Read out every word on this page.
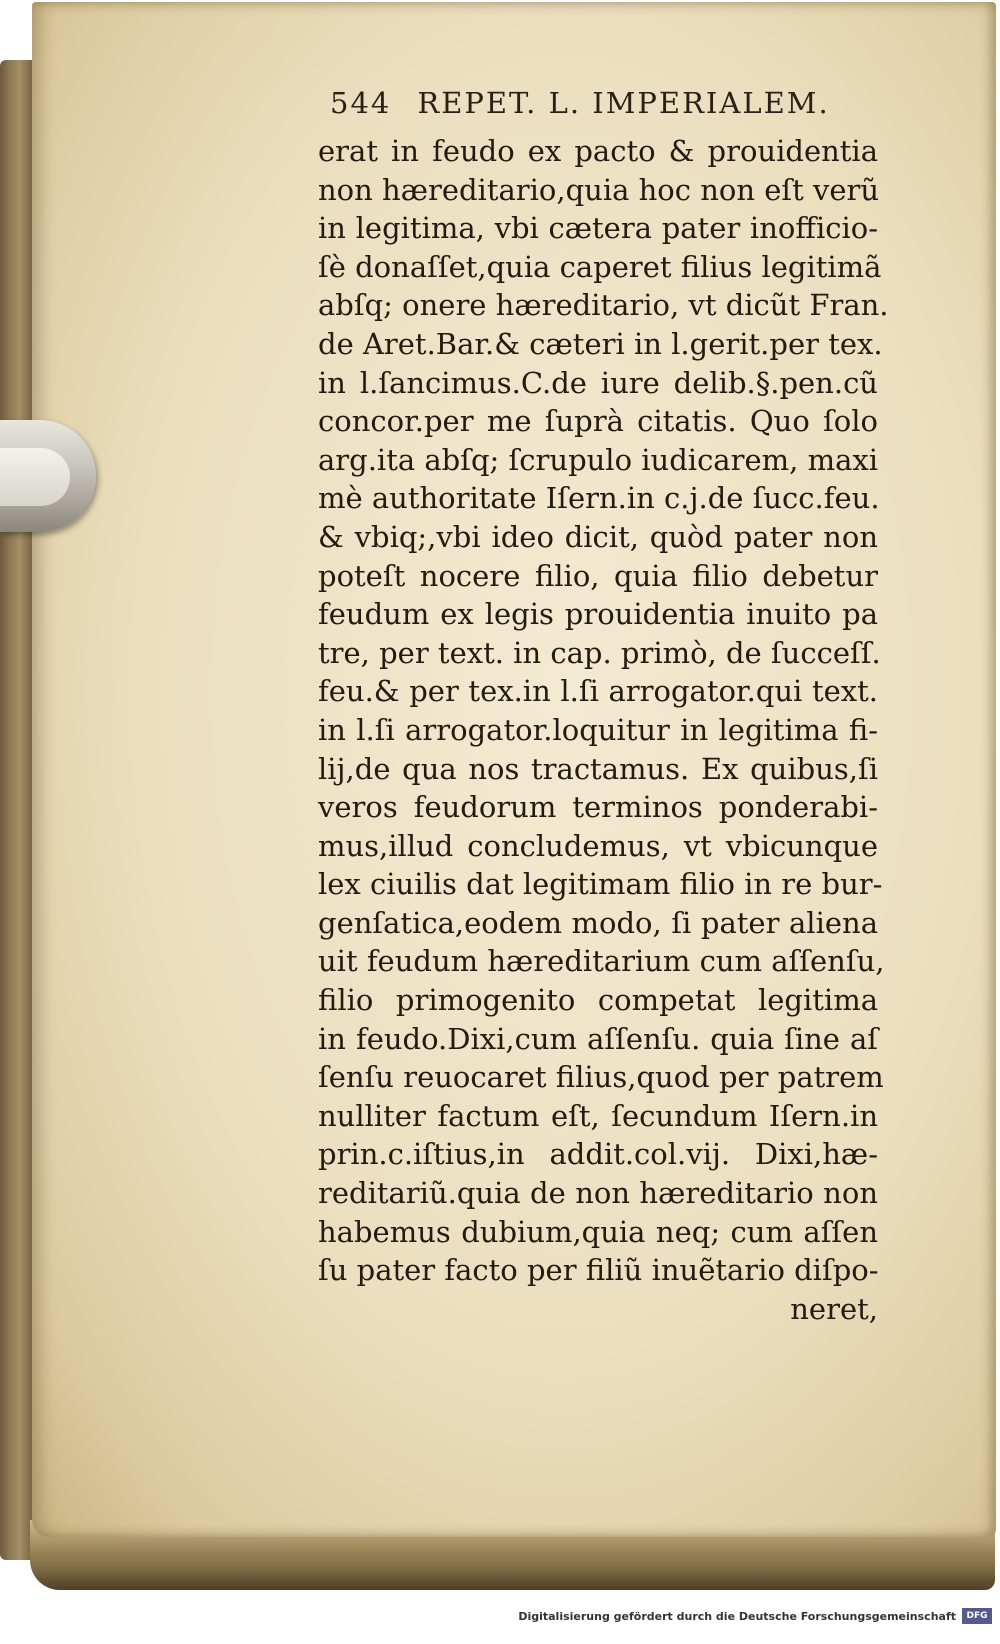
544 REPET. L. IMPERIALEM.
erat in feudo ex pacto & prouidentia
non hæreditario,quia hoc non eſt verũ
in legitima, vbi cætera pater inofficio-
ſè donaſſet,quia caperet filius legitimã
abſq; onere hæreditario, vt dicũt Fran.
de Aret.Bar.& cæteri in l.gerit.per tex.
in l.ſancimus.C.de iure delib.§.pen.cũ
concor.per me ſuprà citatis. Quo ſolo
arg.ita abſq; ſcrupulo iudicarem, maxi
mè authoritate Iſern.in c.j.de ſucc.feu.
& vbiq;,vbi ideo dicit, quòd pater non
poteſt nocere filio, quia filio debetur
feudum ex legis prouidentia inuito pa
tre, per text. in cap. primò, de ſucceſſ.
feu.& per tex.in l.ſi arrogator.qui text.
in l.ſi arrogator.loquitur in legitima fi-
lij,de qua nos tractamus. Ex quibus,ſi
veros feudorum terminos ponderabi-
mus,illud concludemus, vt vbicunque
lex ciuilis dat legitimam filio in re bur-
genſatica,eodem modo, ſi pater aliena
uit feudum hæreditarium cum aſſenſu,
filio primogenito competat legitima
in feudo.Dixi,cum aſſenſu. quia ſine aſ
ſenſu reuocaret filius,quod per patrem
nulliter factum eſt, ſecundum Iſern.in
prin.c.iſtius,in addit.col.vij. Dixi,hæ-
reditariũ.quia de non hæreditario non
habemus dubium,quia neq; cum aſſen
ſu pater facto per filiũ inuẽtario diſpo-
neret,
Digitalisierung gefördert durch die Deutsche Forschungsgemeinschaft	DFG
